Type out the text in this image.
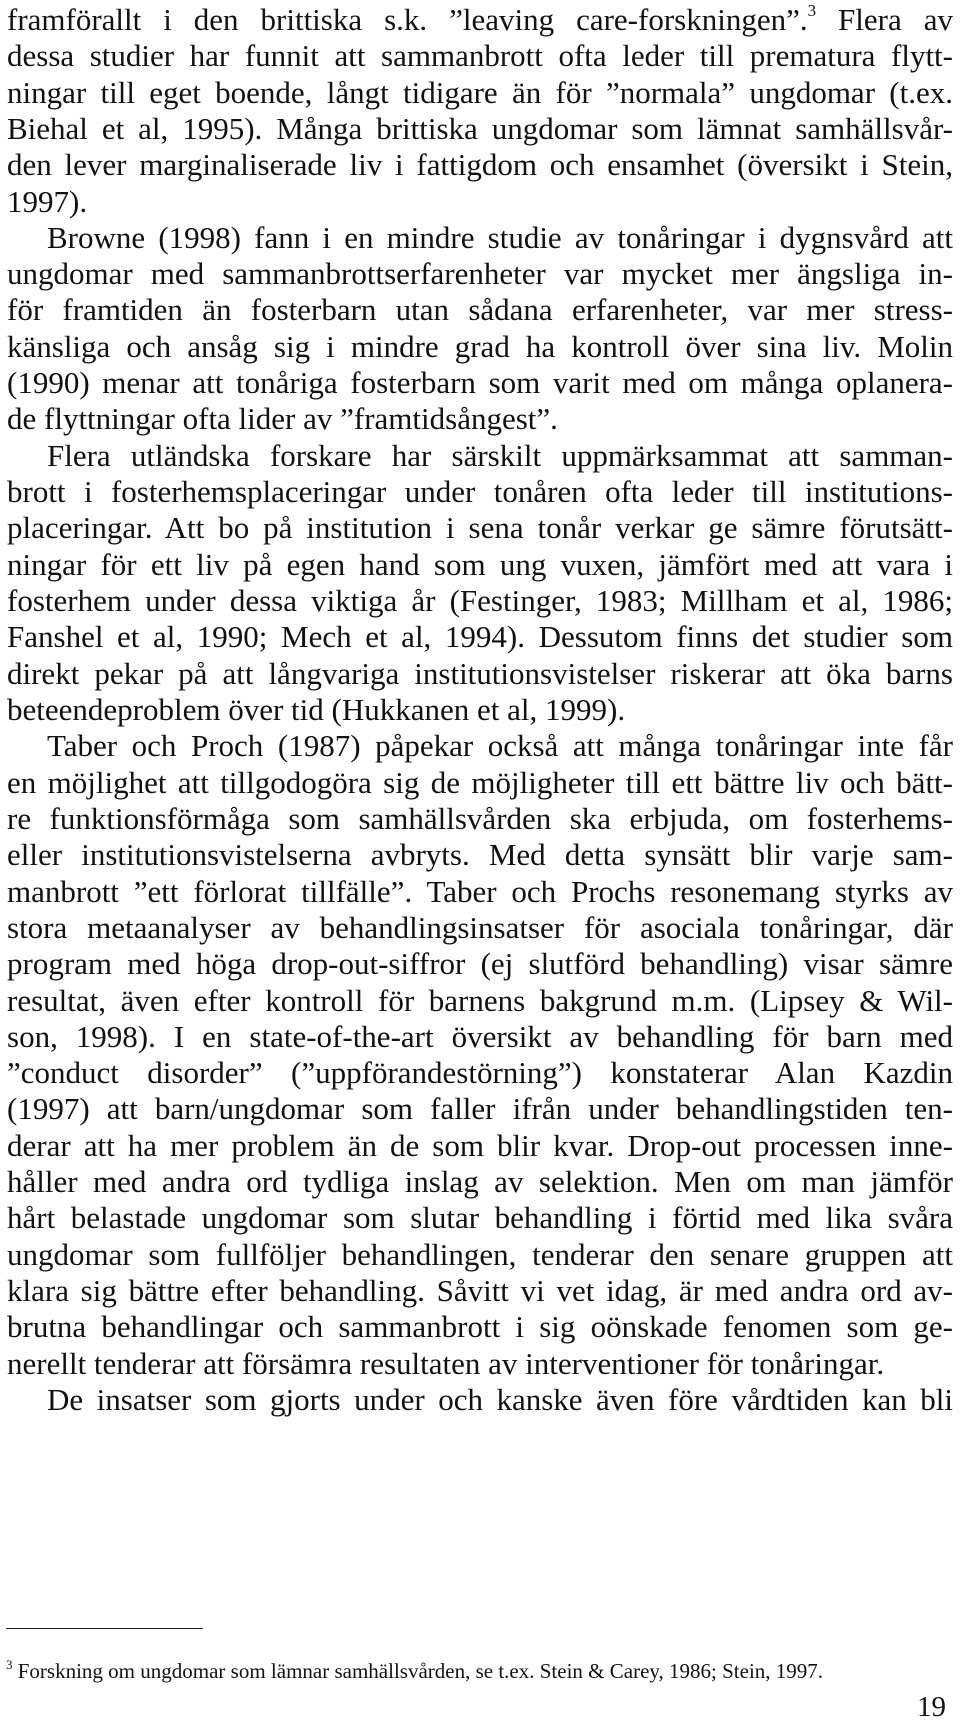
framförallt i den brittiska s.k. ”leaving care-forskningen”.$^3$ Flera av
dessa studier har funnit att sammanbrott ofta leder till prematura flytt-
ningar till eget boende, långt tidigare än för ”normala” ungdomar (t.ex.
Biehal et al, 1995). Många brittiska ungdomar som lämnat samhällsvår-
den lever marginaliserade liv i fattigdom och ensamhet (översikt i Stein,
1997).
Browne (1998) fann i en mindre studie av tonåringar i dygnsvård att
ungdomar med sammanbrottserfarenheter var mycket mer ängsliga in-
för framtiden än fosterbarn utan sådana erfarenheter, var mer stress-
känsliga och ansåg sig i mindre grad ha kontroll över sina liv. Molin
(1990) menar att tonåriga fosterbarn som varit med om många oplanera-
de flyttningar ofta lider av ”framtidsångest”.
Flera utländska forskare har särskilt uppmärksammat att samman-
brott i fosterhemsplaceringar under tonåren ofta leder till institutions-
placeringar. Att bo på institution i sena tonår verkar ge sämre förutsätt-
ningar för ett liv på egen hand som ung vuxen, jämfört med att vara i
fosterhem under dessa viktiga år (Festinger, 1983; Millham et al, 1986;
Fanshel et al, 1990; Mech et al, 1994). Dessutom finns det studier som
direkt pekar på att långvariga institutionsvistelser riskerar att öka barns
beteendeproblem över tid (Hukkanen et al, 1999).
Taber och Proch (1987) påpekar också att många tonåringar inte får
en möjlighet att tillgodogöra sig de möjligheter till ett bättre liv och bätt-
re funktionsförmåga som samhällsvården ska erbjuda, om fosterhems-
eller institutionsvistelserna avbryts. Med detta synsätt blir varje sam-
manbrott ”ett förlorat tillfälle”. Taber och Prochs resonemang styrks av
stora metaanalyser av behandlingsinsatser för asociala tonåringar, där
program med höga drop-out-siffror (ej slutförd behandling) visar sämre
resultat, även efter kontroll för barnens bakgrund m.m. (Lipsey & Wil-
son, 1998). I en state-of-the-art översikt av behandling för barn med
”conduct disorder” (”uppförandestörning”) konstaterar Alan Kazdin
(1997) att barn/ungdomar som faller ifrån under behandlingstiden ten-
derar att ha mer problem än de som blir kvar. Drop-out processen inne-
håller med andra ord tydliga inslag av selektion. Men om man jämför
hårt belastade ungdomar som slutar behandling i förtid med lika svåra
ungdomar som fullföljer behandlingen, tenderar den senare gruppen att
klara sig bättre efter behandling. Såvitt vi vet idag, är med andra ord av-
brutna behandlingar och sammanbrott i sig oönskade fenomen som ge-
nerellt tenderar att försämra resultaten av interventioner för tonåringar.
De insatser som gjorts under och kanske även före vårdtiden kan bli
$^3$ Forskning om ungdomar som lämnar samhällsvården, se t.ex. Stein & Carey, 1986; Stein, 1997.
19
